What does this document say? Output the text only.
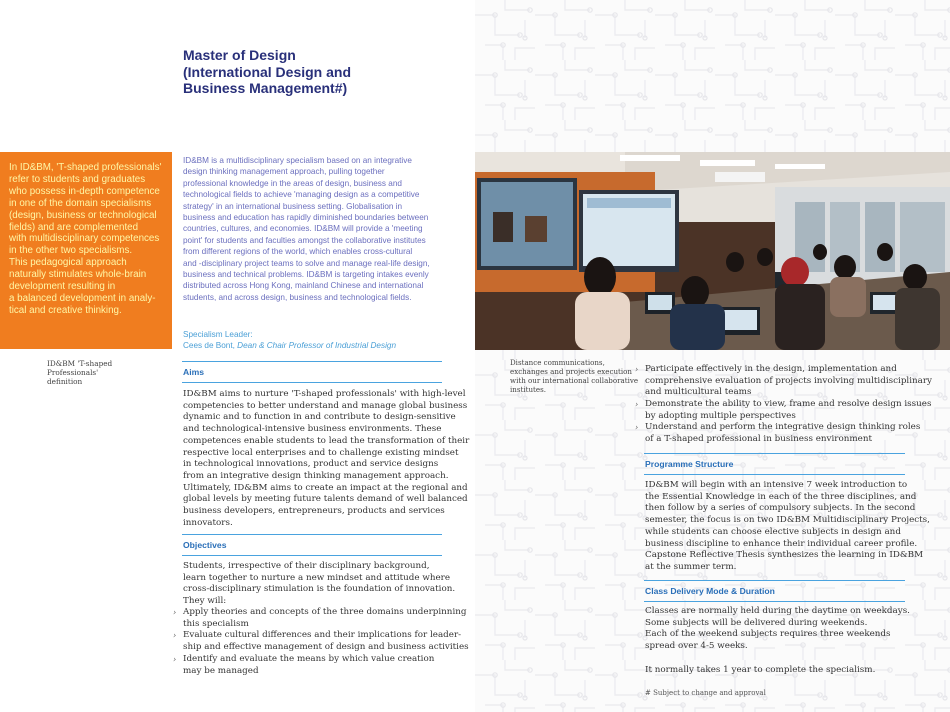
Master of Design
(International Design and
Business Management#)

In ID&BM, 'T-shaped professionals'
refer to students and graduates
who possess in-depth competence
in one of the domain specialisms
(design, business or technological
fields) and are complemented
with multidisciplinary competences
in the other two specialisms.
This pedagogical approach
naturally stimulates whole-brain
development resulting in
a balanced development in analy-
tical and creative thinking.

ID&BM 'T-shaped Professionals'
definition

ID&BM is a multidisciplinary specialism based on an integrative
design thinking management approach, pulling together
professional knowledge in the areas of design, business and
technological fields to achieve 'managing design as a competitive
strategy' in an international business setting. Globalisation in
business and education has rapidly diminished boundaries between
countries, cultures, and economies. ID&BM will provide a 'meeting
point' for students and faculties amongst the collaborative institutes
from different regions of the world, which enables cross-cultural
and -disciplinary project teams to solve and manage real-life design,
business and technical problems. ID&BM is targeting intakes evenly
distributed across Hong Kong, mainland Chinese and international
students, and across design, business and technological fields.

Specialism Leader:
Cees de Bont, Dean & Chair Professor of Industrial Design
Aims

ID&BM aims to nurture 'T-shaped professionals' with high-level
competencies to better understand and manage global business
dynamic and to function in and contribute to design-sensitive
and technological-intensive business environments. These
competences enable students to lead the transformation of their
respective local enterprises and to challenge existing mindset
in technological innovations, product and service designs
from an integrative design thinking management approach.
Ultimately, ID&BM aims to create an impact at the regional and
global levels by meeting future talents demand of well balanced
business developers, entrepreneurs, products and services
innovators.

Objectives

Students, irrespective of their disciplinary background,
learn together to nurture a new mindset and attitude where
cross-disciplinary stimulation is the foundation of innovation.
They will:

› Apply theories and concepts of the three domains underpinning
this specialism
› Evaluate cultural differences and their implications for leader-
ship and effective management of design and business activities
› Identify and evaluate the means by which value creation
may be managed
Distance communications,
exchanges and projects execution
with our international collaborative
institutes.
› Participate effectively in the design, implementation and
comprehensive evaluation of projects involving multidisciplinary
and multicultural teams
› Demonstrate the ability to view, frame and resolve design issues
by adopting multiple perspectives
› Understand and perform the integrative design thinking roles
of a T-shaped professional in business environment
Programme Structure

ID&BM will begin with an intensive 7 week introduction to
the Essential Knowledge in each of the three disciplines, and
then follow by a series of compulsory subjects. In the second
semester, the focus is on two ID&BM Multidisciplinary Projects,
while students can choose elective subjects in design and
business discipline to enhance their individual career profile.
Capstone Reflective Thesis synthesizes the learning in ID&BM
at the summer term.

Class Delivery Mode & Duration

Classes are normally held during the daytime on weekdays.
Some subjects will be delivered during weekends.
Each of the weekend subjects requires three weekends
spread over 4-5 weeks.

It normally takes 1 year to complete the specialism.

# Subject to change and approval
